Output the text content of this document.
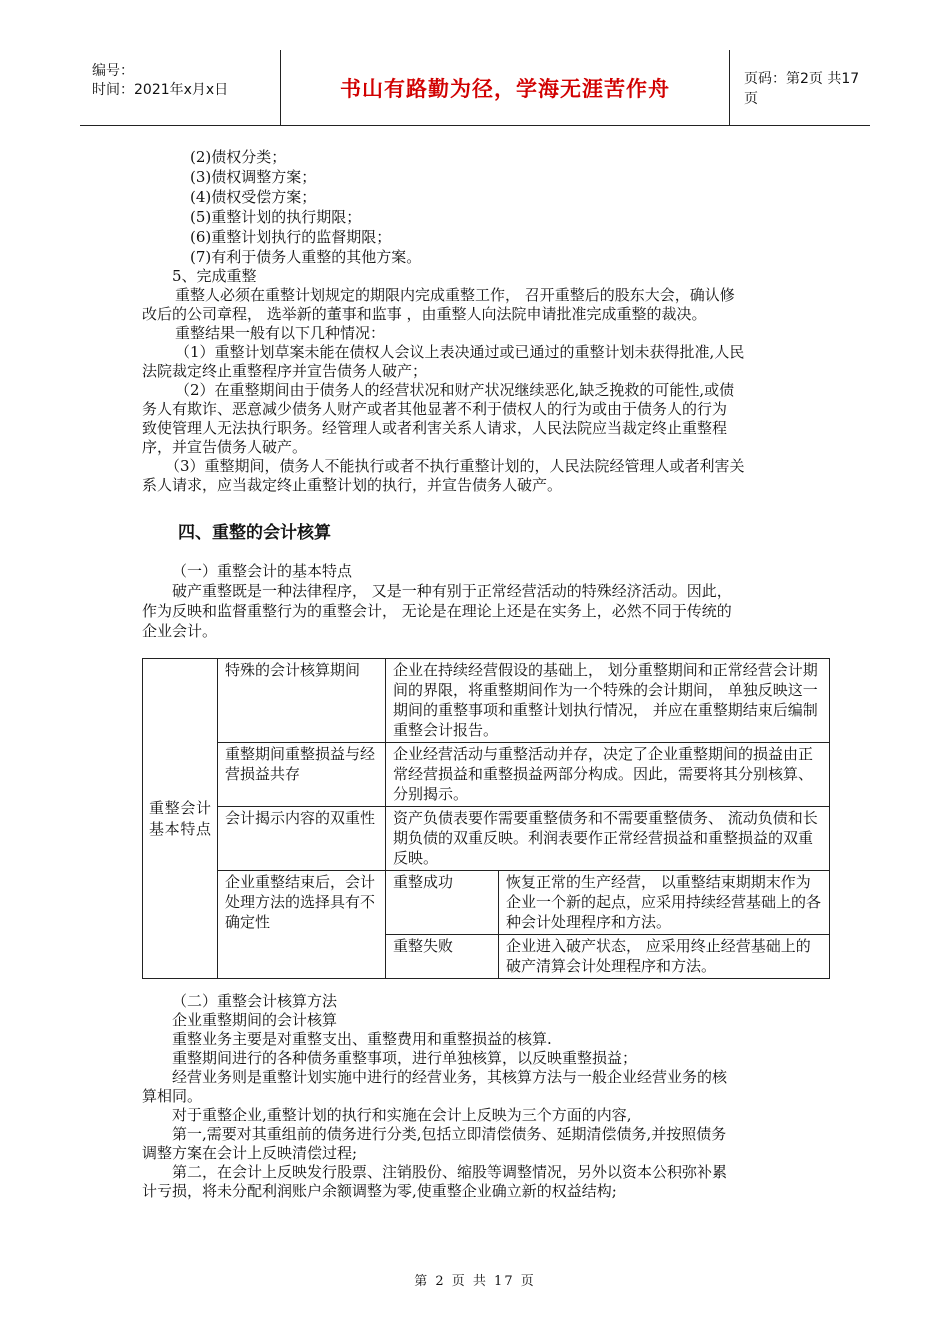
编号：
时间：2021年x月x日	书山有路勤为径，学海无涯苦作舟	页码：第2页 共17页
(2)债权分类；
(3)债权调整方案；
(4)债权受偿方案；
(5)重整计划的执行期限；
(6)重整计划执行的监督期限；
(7)有利于债务人重整的其他方案。
5、完成重整
重整人必须在重整计划规定的期限内完成重整工作， 召开重整后的股东大会，确认修
改后的公司章程， 选举新的董事和监事 ，由重整人向法院申请批准完成重整的裁决。
重整结果一般有以下几种情况：
（1）重整计划草案未能在债权人会议上表决通过或已通过的重整计划未获得批准,人民
法院裁定终止重整程序并宣告债务人破产；
（2）在重整期间由于债务人的经营状况和财产状况继续恶化,缺乏挽救的可能性,或债
务人有欺诈、恶意减少债务人财产或者其他显著不利于债权人的行为或由于债务人的行为
致使管理人无法执行职务。经管理人或者利害关系人请求，人民法院应当裁定终止重整程
序，并宣告债务人破产。
（3）重整期间，债务人不能执行或者不执行重整计划的，人民法院经管理人或者利害关
系人请求，应当裁定终止重整计划的执行，并宣告债务人破产。
四、重整的会计核算
（一）重整会计的基本特点
破产重整既是一种法律程序， 又是一种有别于正常经营活动的特殊经济活动。因此，
作为反映和监督重整行为的重整会计， 无论是在理论上还是在实务上，必然不同于传统的
企业会计。
重整会计基本特点	特殊的会计核算期间	企业在持续经营假设的基础上， 划分重整期间和正常经营会计期间的界限，将重整期间作为一个特殊的会计期间， 单独反映这一期间的重整事项和重整计划执行情况， 并应在重整期结束后编制重整会计报告。	
	重整期间重整损益与经营损益共存	企业经营活动与重整活动并存，决定了企业重整期间的损益由正常经营损益和重整损益两部分构成。因此，需要将其分别核算、分别揭示。	
	会计揭示内容的双重性	资产负债表要作需要重整债务和不需要重整债务、 流动负债和长期负债的双重反映。利润表要作正常经营损益和重整损益的双重反映。	
	企业重整结束后，会计处理方法的选择具有不确定性	重整成功	恢复正常的生产经营， 以重整结束期期末作为企业一个新的起点，应采用持续经营基础上的各种会计处理程序和方法。
		重整失败	企业进入破产状态， 应采用终止经营基础上的破产清算会计处理程序和方法。
（二）重整会计核算方法
企业重整期间的会计核算
重整业务主要是对重整支出、重整费用和重整损益的核算.
重整期间进行的各种债务重整事项，进行单独核算，以反映重整损益；
经营业务则是重整计划实施中进行的经营业务，其核算方法与一般企业经营业务的核
算相同。
对于重整企业,重整计划的执行和实施在会计上反映为三个方面的内容,
第一,需要对其重组前的债务进行分类,包括立即清偿债务、延期清偿债务,并按照债务
调整方案在会计上反映清偿过程;
第二，在会计上反映发行股票、注销股份、缩股等调整情况，另外以资本公积弥补累
计亏损，将未分配利润账户余额调整为零,使重整企业确立新的权益结构;
第 2 页 共 17 页
